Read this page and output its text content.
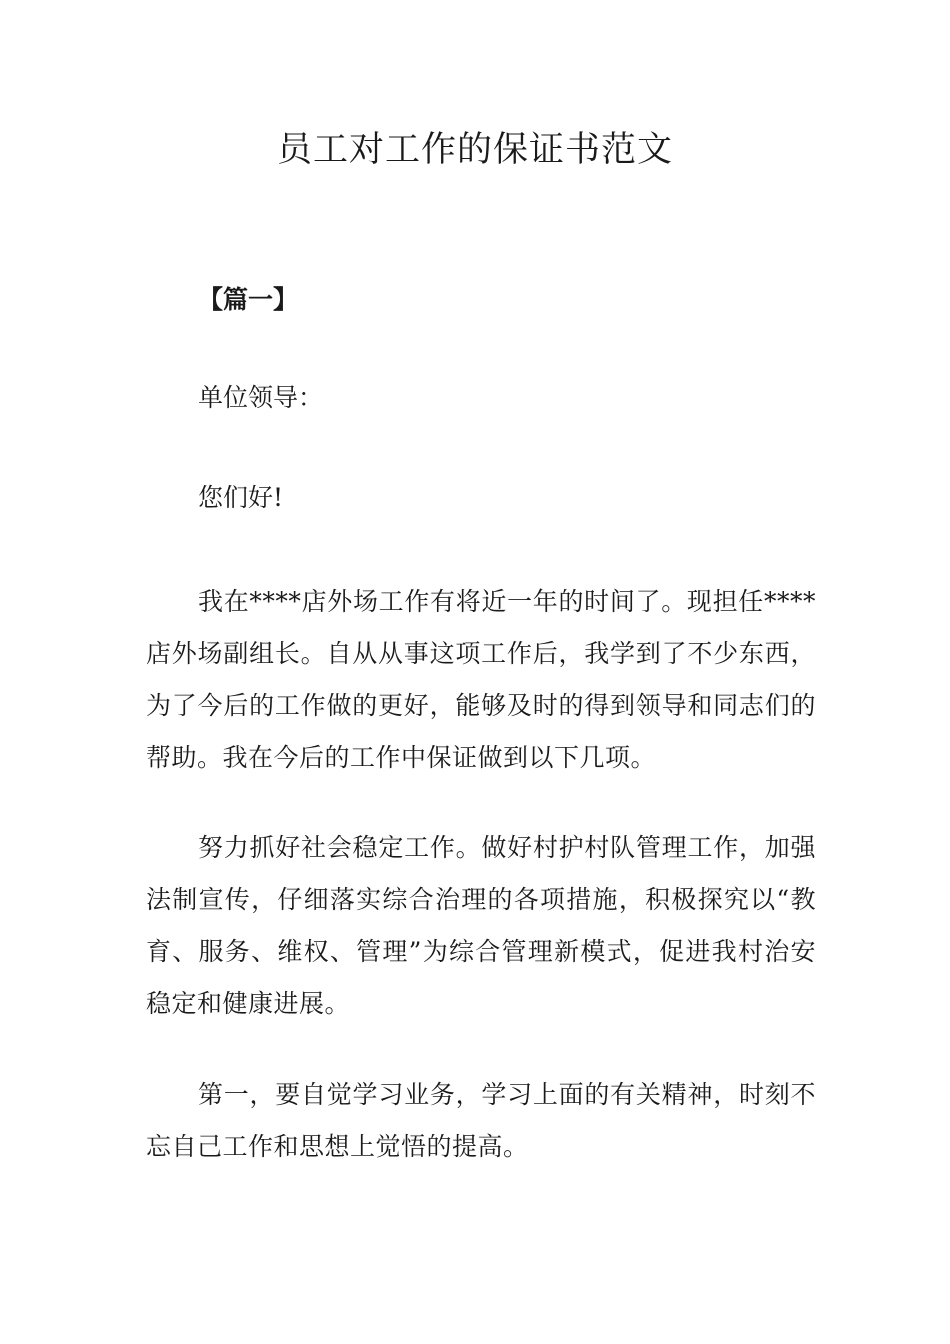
员工对工作的保证书范文
【篇一】
单位领导：
您们好!

我在****店外场工作有将近一年的时间了。现担任****店外场副组长。自从从事这项工作后，我学到了不少东西，为了今后的工作做的更好，能够及时的得到领导和同志们的帮助。我在今后的工作中保证做到以下几项。

努力抓好社会稳定工作。做好村护村队管理工作，加强法制宣传，仔细落实综合治理的各项措施，积极探究以“教育、服务、维权、管理”为综合管理新模式，促进我村治安稳定和健康进展。

第一，要自觉学习业务，学习上面的有关精神，时刻不忘自己工作和思想上觉悟的提高。
